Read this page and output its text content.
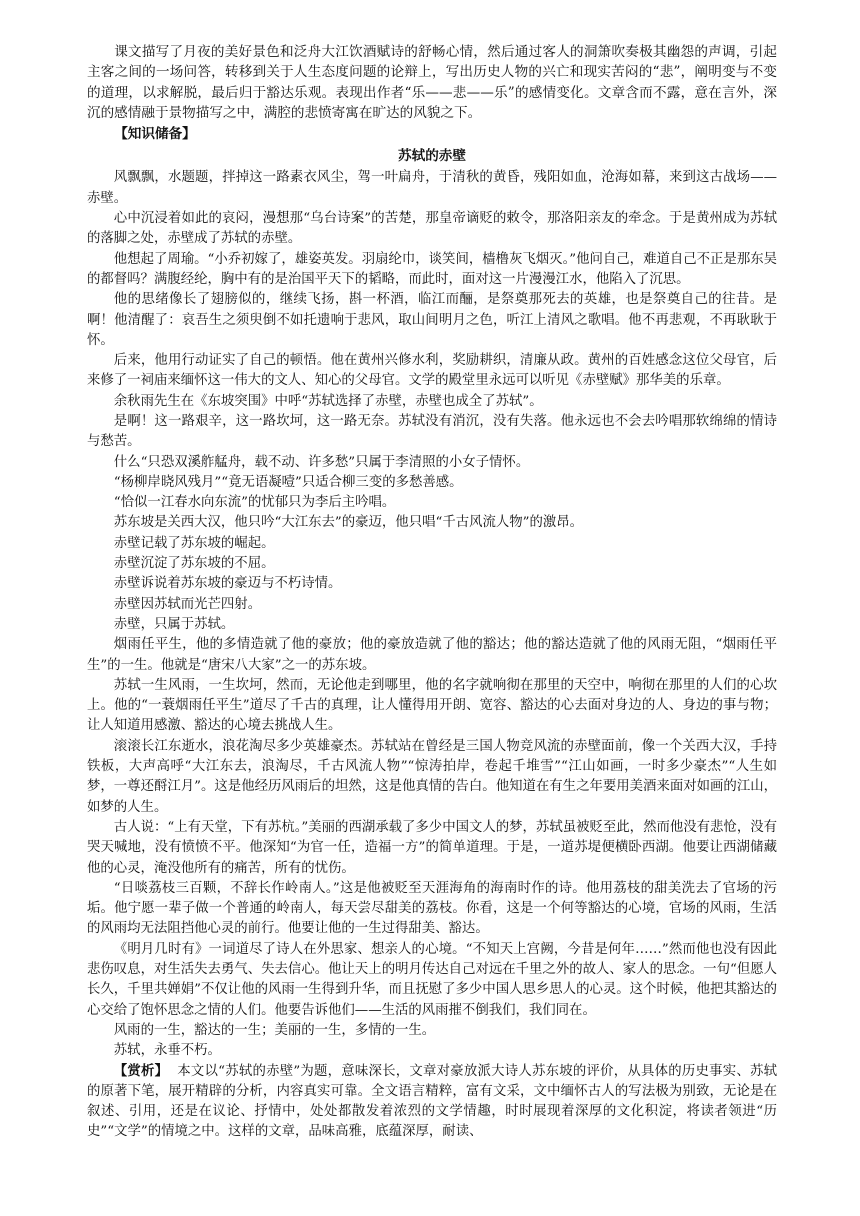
课文描写了月夜的美好景色和泛舟大江饮酒赋诗的舒畅心情，然后通过客人的洞箫吹奏极其幽怨的声调，引起主客之间的一场问答，转移到关于人生态度问题的论辩上，写出历史人物的兴亡和现实苦闷的“悲”，阐明变与不变的道理，以求解脱，最后归于豁达乐观。表现出作者“乐——悲——乐”的感情变化。文章含而不露，意在言外，深沉的感情融于景物描写之中，满腔的悲愤寄寓在旷达的风貌之下。

【知识储备】

苏轼的赤壁

风飘飘，水题题，拌掉这一路素衣风尘，驾一叶扁舟，于清秋的黄昏，残阳如血，沧海如幕，来到这古战场——赤壁。

心中沉浸着如此的哀闷，漫想那“乌台诗案”的苦楚，那皇帝谪贬的敕令，那洛阳亲友的牵念。于是黄州成为苏轼的落脚之处，赤壁成了苏轼的赤壁。

他想起了周瑜。“小乔初嫁了，雄姿英发。羽扇纶巾，谈笑间，樯橹灰飞烟灭。”他问自己，难道自己不正是那东吴的都督吗？满腹经纶，胸中有的是治国平天下的韬略，而此时，面对这一片漫漫江水，他陷入了沉思。

他的思绪像长了翅膀似的，继续飞扬，斟一杯酒，临江而酾，是祭奠那死去的英雄，也是祭奠自己的往昔。是啊！他清醒了：哀吾生之须臾倒不如托遗响于悲风，取山间明月之色，听江上清风之歌唱。他不再悲观，不再耿耿于怀。

后来，他用行动证实了自己的顿悟。他在黄州兴修水利，奖励耕织，清廉从政。黄州的百姓感念这位父母官，后来修了一祠庙来缅怀这一伟大的文人、知心的父母官。文学的殿堂里永远可以听见《赤壁赋》那华美的乐章。

余秋雨先生在《东坡突围》中呼“苏轼选择了赤壁，赤壁也成全了苏轼”。

是啊！这一路艰辛，这一路坎坷，这一路无奈。苏轼没有消沉，没有失落。他永远也不会去吟唱那软绵绵的情诗与愁苦。

什么“只恐双溪舴艋舟，载不动、许多愁”只属于李清照的小女子情怀。

“杨柳岸晓风残月”“竟无语凝噎”只适合柳三变的多愁善感。

“恰似一江春水向东流”的忧郁只为李后主吟唱。

苏东坡是关西大汉，他只吟“大江东去”的豪迈，他只唱“千古风流人物”的激昂。

赤壁记载了苏东坡的崛起。

赤壁沉淀了苏东坡的不屈。

赤壁诉说着苏东坡的豪迈与不朽诗情。

赤壁因苏轼而光芒四射。

赤壁，只属于苏轼。

烟雨任平生，他的多情造就了他的豪放；他的豪放造就了他的豁达；他的豁达造就了他的风雨无阻，“烟雨任平生”的一生。他就是“唐宋八大家”之一的苏东坡。

苏轼一生风雨，一生坎坷，然而，无论他走到哪里，他的名字就响彻在那里的天空中，响彻在那里的人们的心坎上。他的“一蓑烟雨任平生”道尽了千古的真理，让人懂得用开朗、宽容、豁达的心去面对身边的人、身边的事与物；让人知道用感激、豁达的心境去挑战人生。

滚滚长江东逝水，浪花淘尽多少英雄豪杰。苏轼站在曾经是三国人物竞风流的赤壁面前，像一个关西大汉，手持铁板，大声高呼“大江东去，浪淘尽，千古风流人物”“惊涛拍岸，卷起千堆雪”“江山如画，一时多少豪杰”“人生如梦，一尊还酹江月”。这是他经历风雨后的坦然，这是他真情的告白。他知道在有生之年要用美酒来面对如画的江山，如梦的人生。

古人说：“上有天堂，下有苏杭。”美丽的西湖承载了多少中国文人的梦，苏轼虽被贬至此，然而他没有悲怆，没有哭天喊地，没有愤愤不平。他深知“为官一任，造福一方”的简单道理。于是，一道苏堤便横卧西湖。他要让西湖储藏他的心灵，淹没他所有的痛苦，所有的忧伤。

“日啖荔枝三百颗，不辞长作岭南人。”这是他被贬至天涯海角的海南时作的诗。他用荔枝的甜美洗去了官场的污垢。他宁愿一辈子做一个普通的岭南人，每天尝尽甜美的荔枝。你看，这是一个何等豁达的心境，官场的风雨，生活的风雨均无法阻挡他心灵的前行。他要让他的一生过得甜美、豁达。

《明月几时有》一词道尽了诗人在外思家、想亲人的心境。“不知天上宫阙，今昔是何年……”然而他也没有因此悲伤叹息，对生活失去勇气、失去信心。他让天上的明月传达自己对远在千里之外的故人、家人的思念。一句“但愿人长久，千里共婵娟”不仅让他的风雨一生得到升华，而且抚慰了多少中国人思乡思人的心灵。这个时候，他把其豁达的心交给了饱怀思念之情的人们。他要告诉他们——生活的风雨摧不倒我们，我们同在。

风雨的一生，豁达的一生；美丽的一生，多情的一生。

苏轼，永垂不朽。

【赏析】 本文以“苏轼的赤壁”为题，意味深长，文章对豪放派大诗人苏东坡的评价，从具体的历史事实、苏轼的原著下笔，展开精辟的分析，内容真实可靠。全文语言精粹，富有文采，文中缅怀古人的写法极为别致，无论是在叙述、引用，还是在议论、抒情中，处处都散发着浓烈的文学情趣，时时展现着深厚的文化积淀，将读者领进“历史”“文学”的情境之中。这样的文章，品味高雅，底蕴深厚，耐读、
